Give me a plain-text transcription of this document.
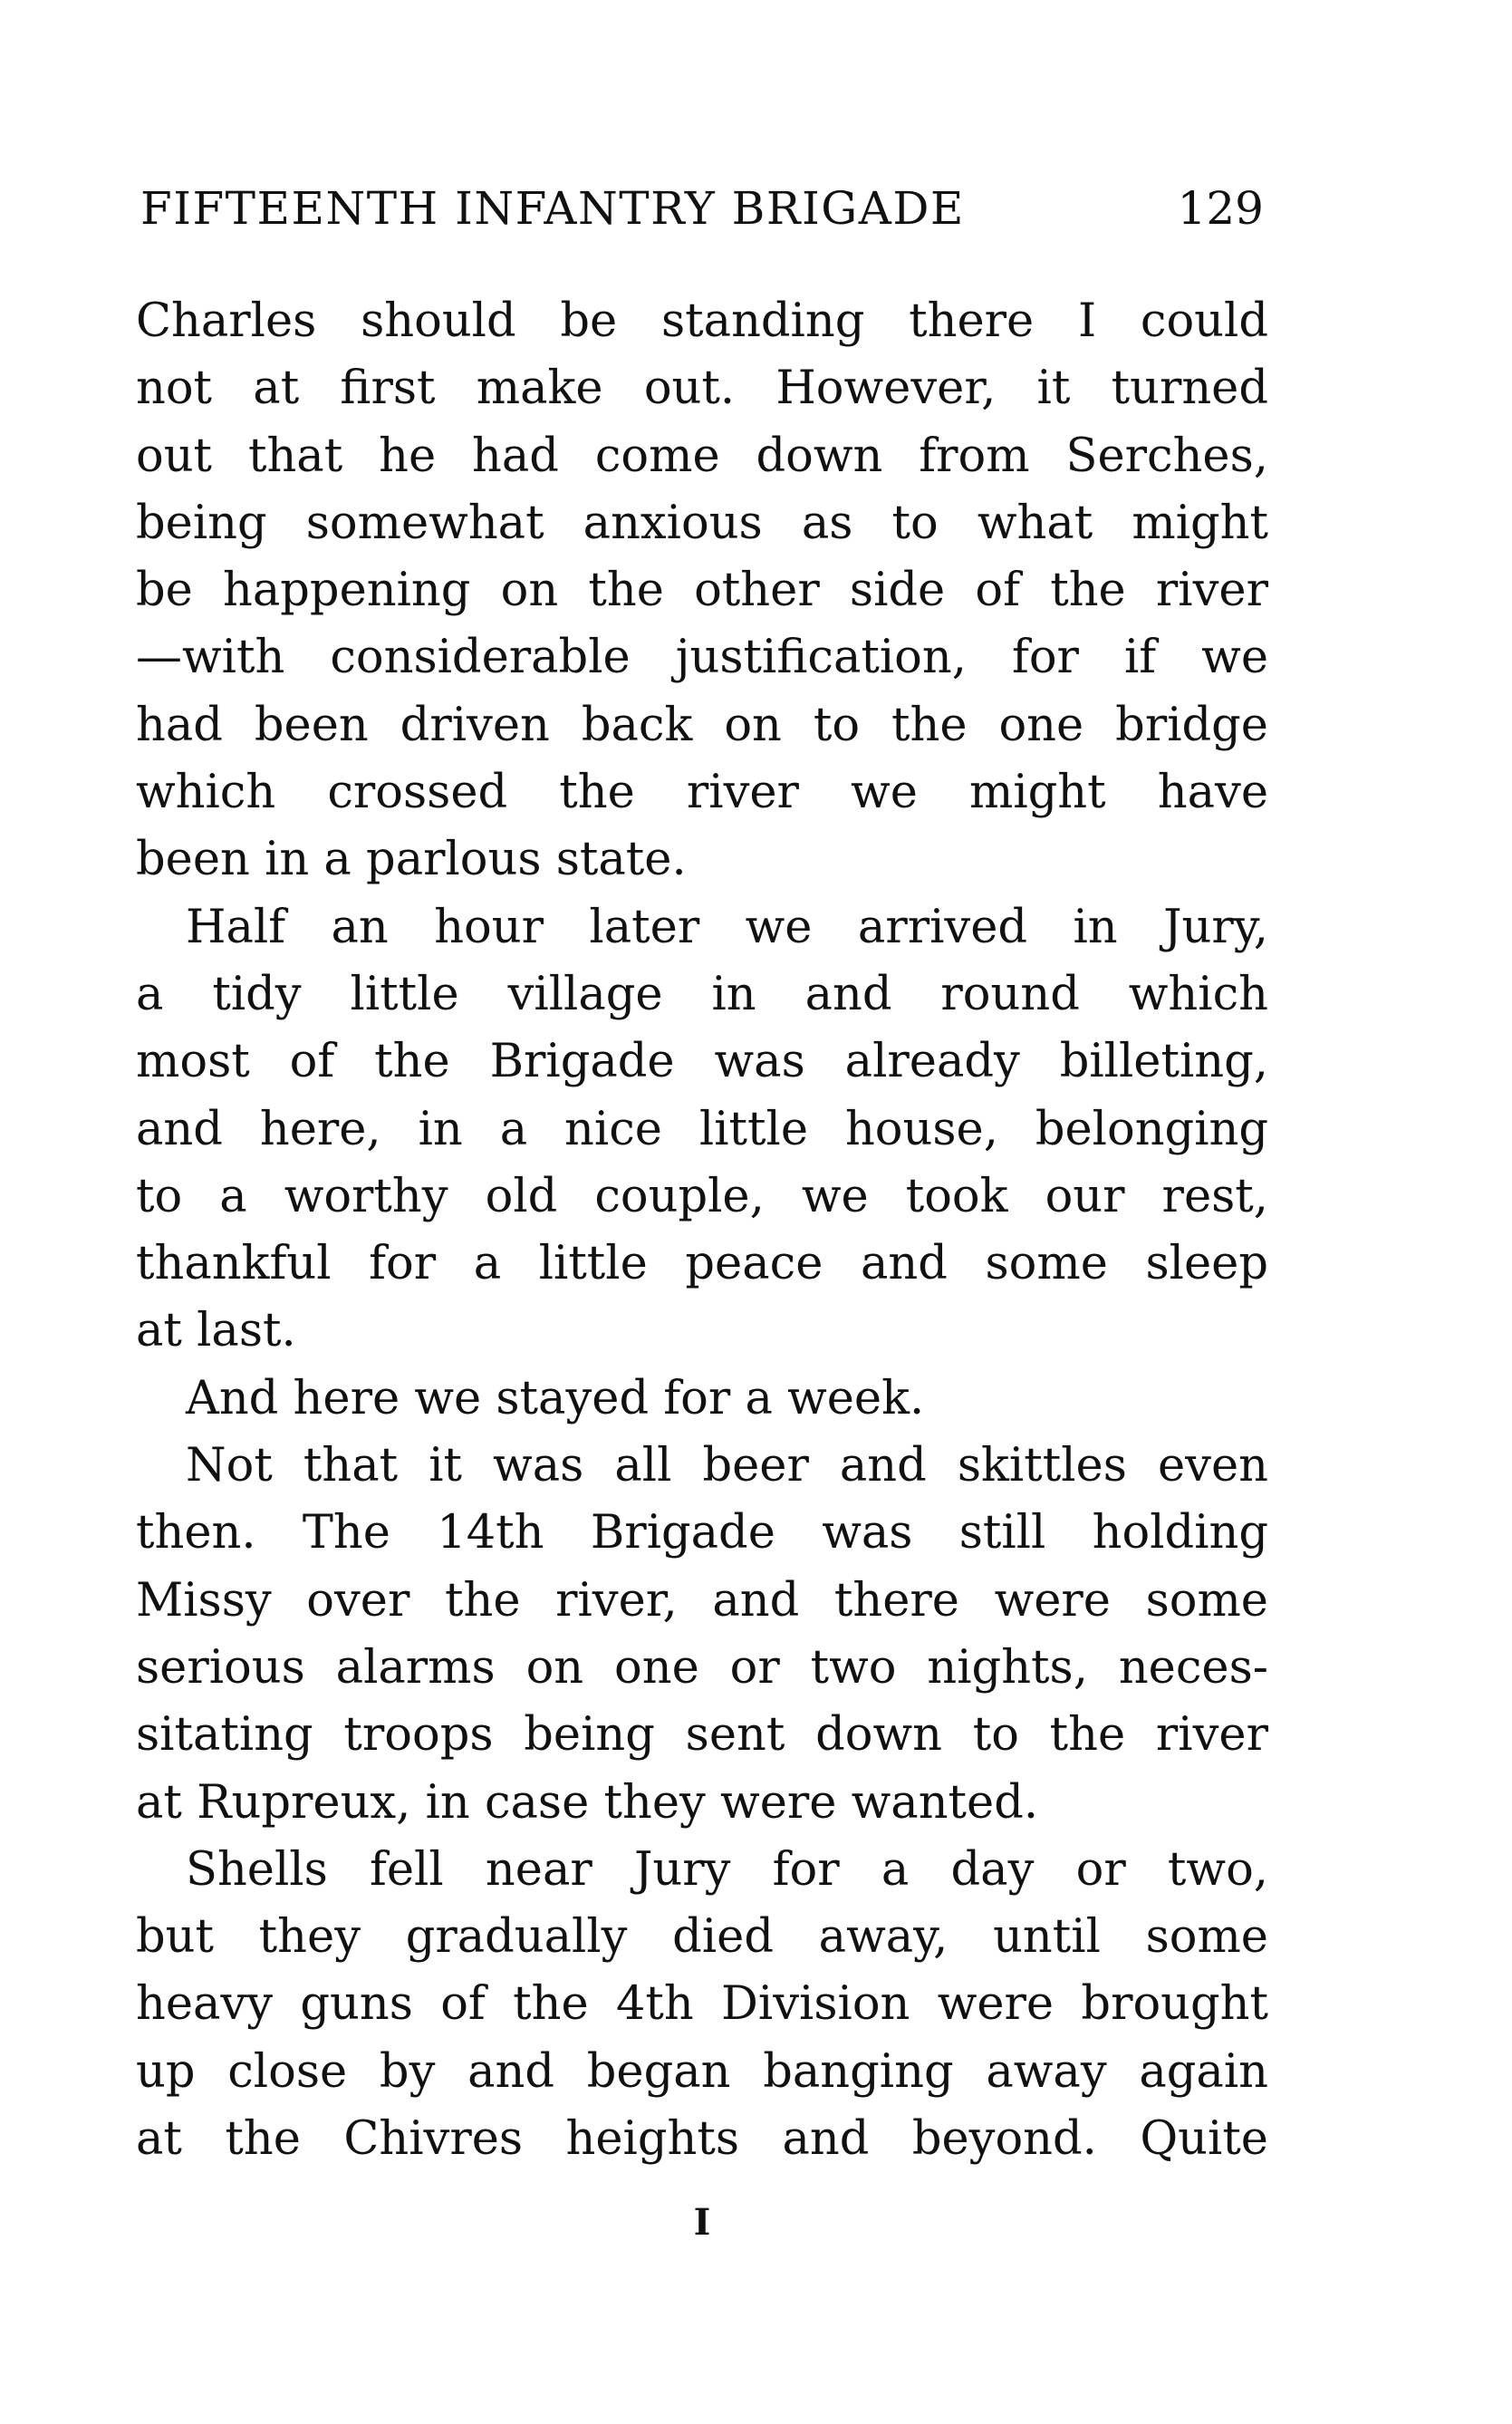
FIFTEENTH INFANTRY BRIGADE	129
Charles should be standing there I could
not at first make out. However, it turned
out that he had come down from Serches,
being somewhat anxious as to what might
be happening on the other side of the river
—with considerable justification, for if we
had been driven back on to the one bridge
which crossed the river we might have
been in a parlous state.
Half an hour later we arrived in Jury,
a tidy little village in and round which
most of the Brigade was already billeting,
and here, in a nice little house, belonging
to a worthy old couple, we took our rest,
thankful for a little peace and some sleep
at last.
And here we stayed for a week.
Not that it was all beer and skittles even
then. The 14th Brigade was still holding
Missy over the river, and there were some
serious alarms on one or two nights, neces-
sitating troops being sent down to the river
at Rupreux, in case they were wanted.
Shells fell near Jury for a day or two,
but they gradually died away, until some
heavy guns of the 4th Division were brought
up close by and began banging away again
at the Chivres heights and beyond. Quite
I
